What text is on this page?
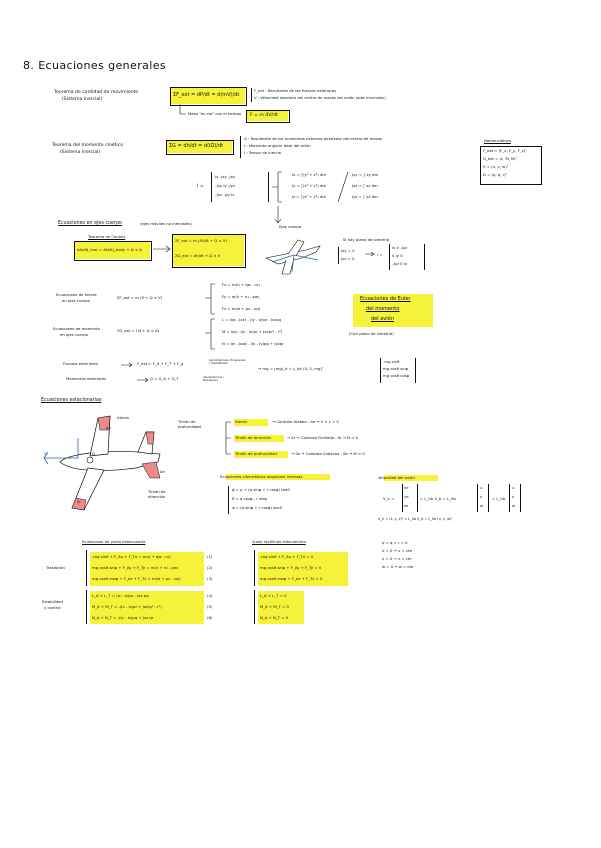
8. Ecuaciones generales
Teorema de cantidad de movimiento
(Sistema inercial)
ΣF_ext = dP/dt = d(mV)/dt
F_ext : Resultante de las fuerzas exteriores
V : Velocidad absoluta del centro de masas del avión (ejes inerciales)
Masa "es cte" con el tiempo F = m dV/dt
Teorema del momento cinético
(Sistema inercial)
ΣG = dh/dt = d(IΩ)/dt
G : Resultante de los momentos externos alrededor del centro de masas
I : Momento angular total del avión
I : Tensor de inercia
I =
Ix -Jxy -Jxz
-Jxy Iy -Jyz
-Jxz -Jyz Iz
Ix = ∫(y² + z²) dm
Iy = ∫(x² + z²) dm
Iz = ∫(x² + y²) dm
Jxy = ∫ xy dm
Jxz = ∫ xz dm
Jyz = ∫ yz dm
Ejes cuerpo
Nomenclatura
F_ext = (F_x, F_y, F_z)ᵀ
G_ext = (L, M, N)ᵀ
V = (u, v, w)ᵀ
Ω = (p, q, r)ᵀ
Ecuaciones en ejes cuerpo	(ejes móviles no inerciales)
Teorema de Coriolis
dA/dt|_iner = ∂A/∂t|_body + Ω × A
ΣF_ext = m (∂V/∂t + Ω × V)
ΣG_ext = dh/dt + Ω × h
Si hay plano de simetría
Jxy = 0
Jyz = 0
I =
Ix 0 -Jxz
0 Iy 0
-Jxz 0 Iz
Ecuaciones de fuerza
en ejes cuerpo
ΣF_ext = m (V̇ + Ω × V)
Fx = m(u̇ + qw - rv)
Fy = m(v̇ + ru - pw)
Fz = m(ẇ + pv - qu)
Ecuaciones de momento
en ejes cuerpo
ΣG_ext = I Ω̇ + Ω × IΩ
L = Ixṗ - Jxzṙ - (Iy - Iz)qr - Jxzpq
M = Iyq̇ - (Iz - Ix)pr + Jxz(p² - r²)
N = Izṙ - Jxzṗ - (Ix - Iy)pq + Jxzqr
Ecuaciones de Euler
del momento
del avión
(Con plano de simetría)
Fuerzas exteriores	F_ext = F_A + F_T + F_g
Aerodinámicas / Propulsivas / Gravitatorias
Momentos exteriores	G = G_A + G_T	Aerodinámicos / Propulsivos
→ mg = (mg)_b = L_bh (0, 0, mg)ᵀ
-mg sinθ
mg cosθ sinφ
mg cosθ cosφ
Ecuaciones estacionarias
Alerón
Timón de profundidad
Timón de dirección
δa
δe
δr
Ω
V
Alerón	→ Controla Alabeo : δa → 0 ⇒ L = 0
Timón de dirección	→ δr → Controla Guiñada : δr → N ⇒ 0
Timón de profundidad	→ δe → Controla Cabeceo : δe → M ⇒ 0
Ecuaciones cinemáticas angulares inversas
φ̇ = p + (q sinφ + r cosφ) tanθ
θ̇ = q cosφ - r sinφ
ψ̇ = (q sinφ + r cosφ) secθ
Velocidad del avión
V_h = (ẋ, ẏ, ż)ᵀ = L_hb V_b = L_hb (u, v, w)ᵀ
V_h =
ẋe
ẏe
że
= L_hb V_b = L_hb
u
v
w
= L_hb
u
v
w
Ecuaciones de vuelo estacionario	Vuelo rectilíneo estacionario
Traslación
-mg sinθ + F_Ax + F_Tx = m(u̇ + qw - rv)
mg cosθ sinφ + F_Ay + F_Ty = m(v̇ + ru - pw)
mg cosθ cosφ + F_Az + F_Tz = m(ẇ + pv - qu)
(1)
(2)
(3)
Estabilidad
y control
L_A + L_T = (Iz - Iy)qr - Jxz pq
M_A + M_T = -(Ix - Iz)pr + Jxz(p² - r²)
N_A + N_T = -(Iy - Ix)pq + Jxz qr
(4)
(5)
(6)
-mg sinθ + F_Ax + F_Tx = 0
mg cosθ sinφ + F_Ay + F_Ty = 0
mg cosθ cosφ + F_Az + F_Tz = 0
L_A + L_T = 0
M_A + M_T = 0
N_A + N_T = 0
p = q = r = 0
u̇ = 0 → u = cte
v̇ = 0 → v = cte
ẇ = 0 → w = cte
